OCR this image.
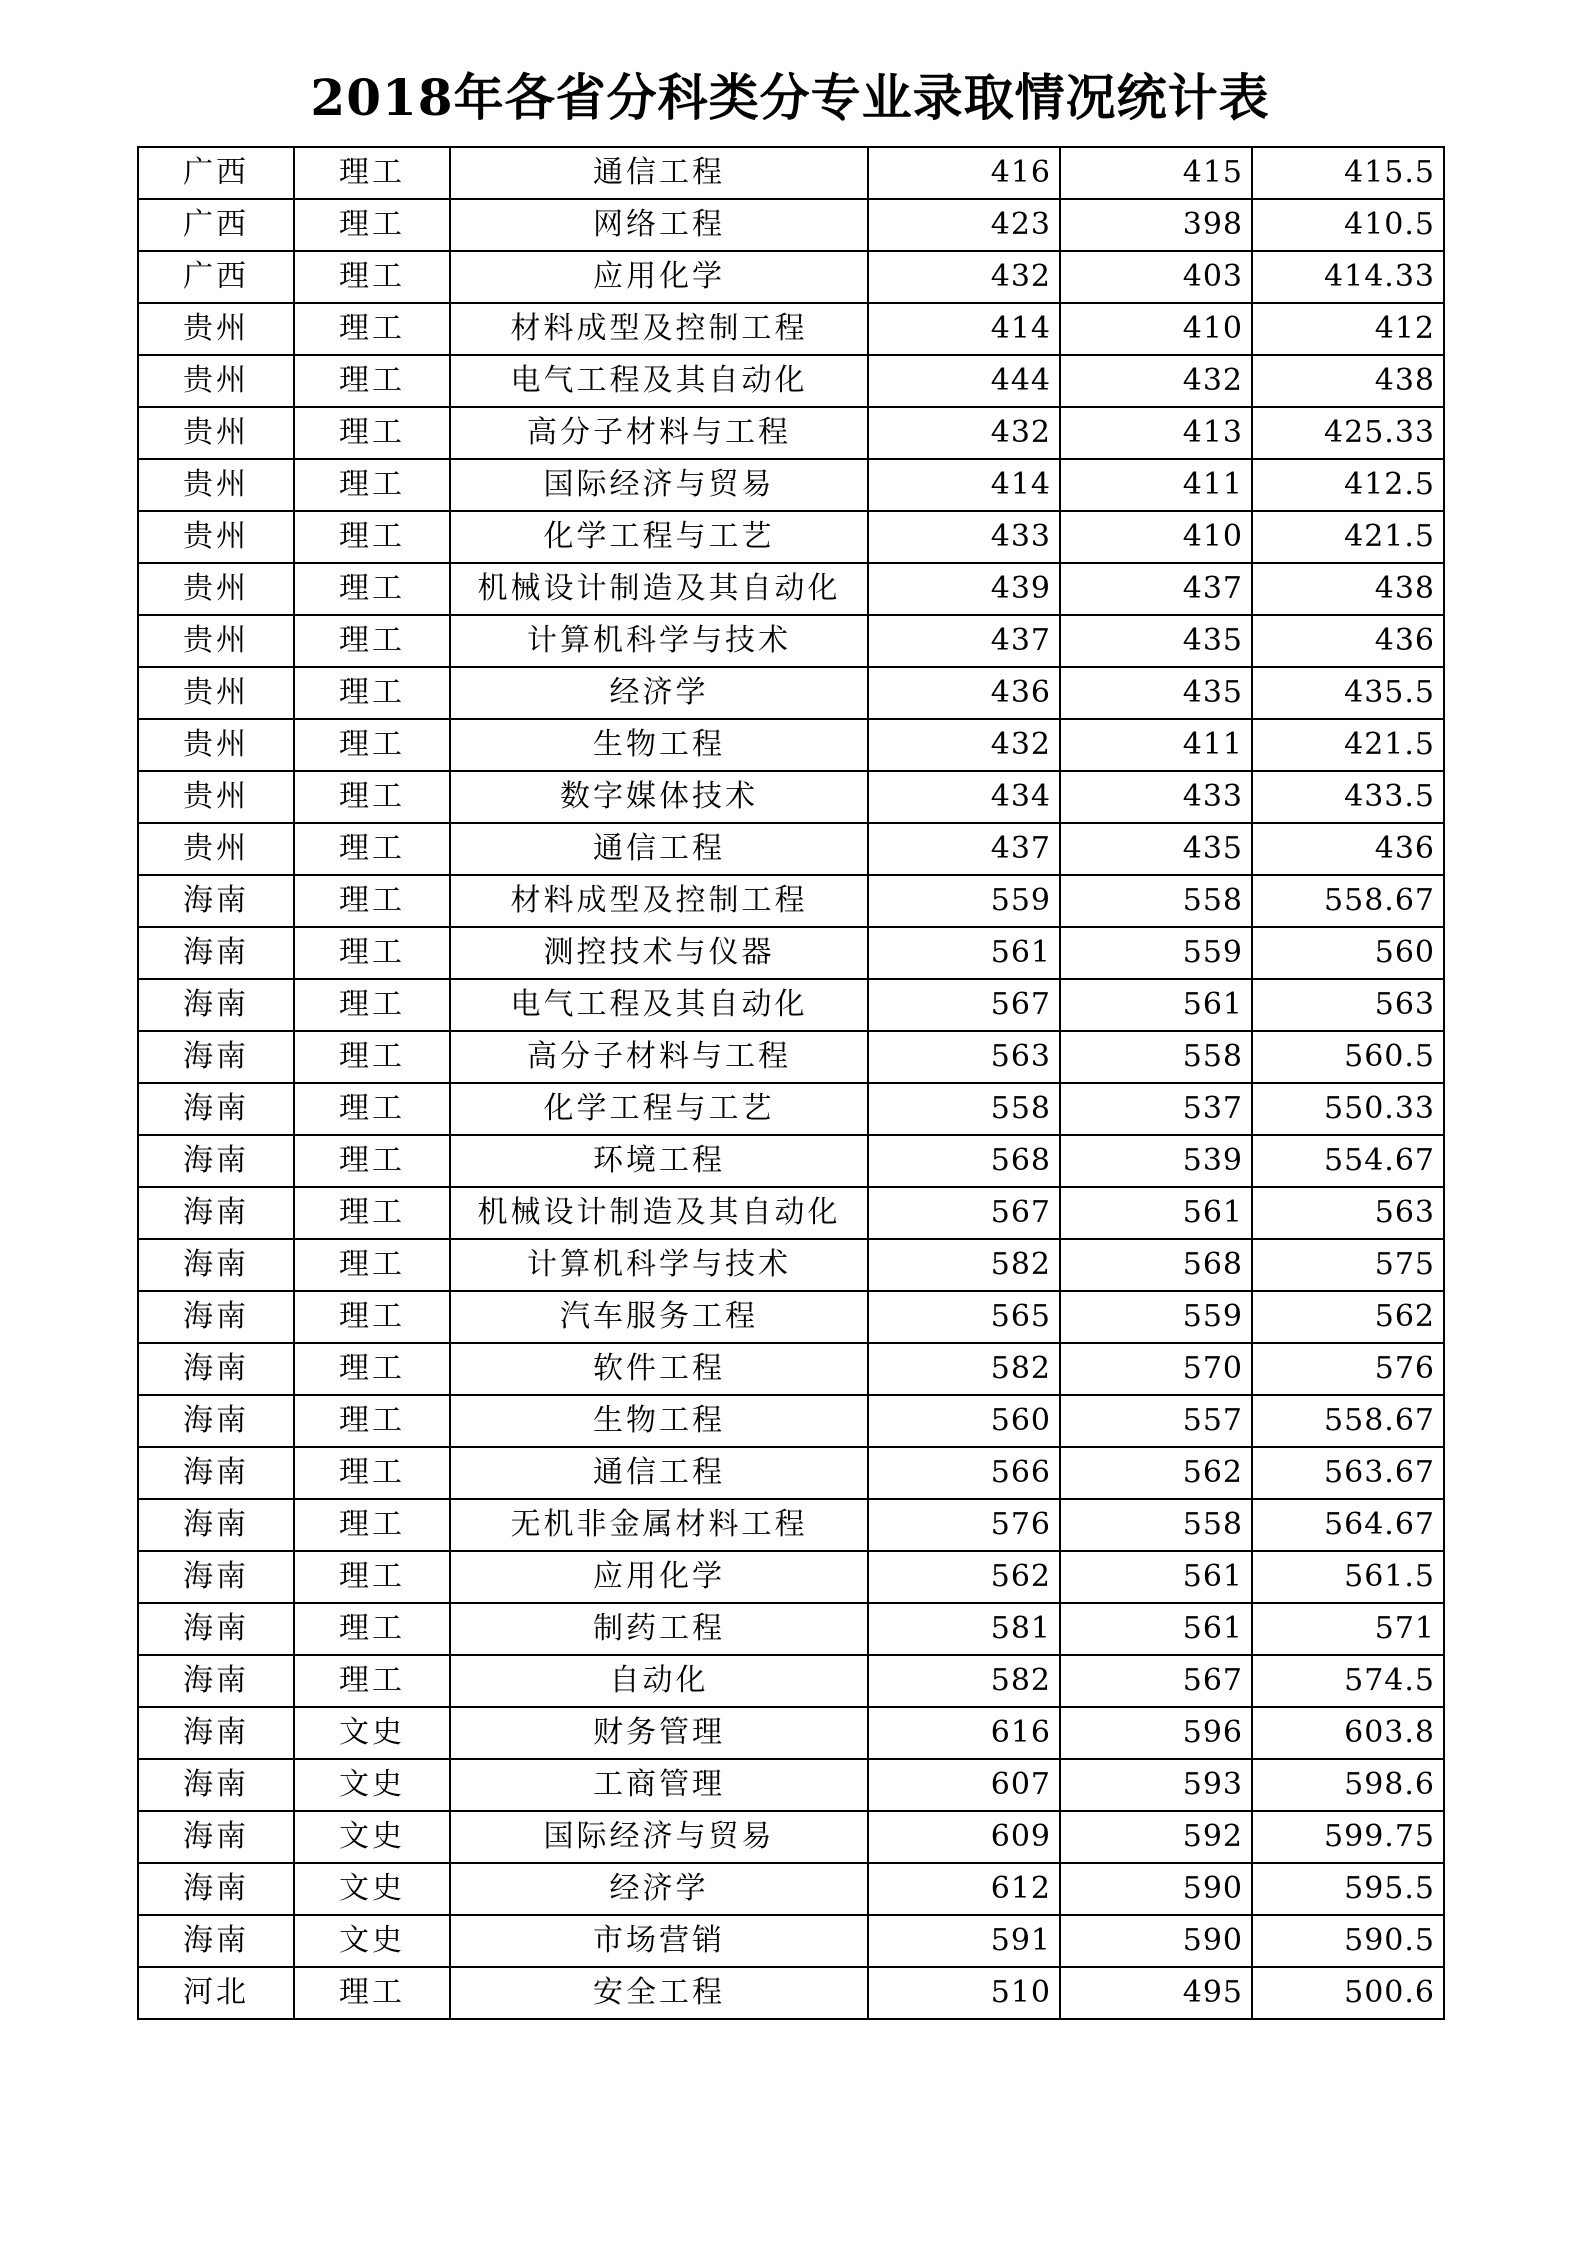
2018年各省分科类分专业录取情况统计表
广西	理工	通信工程	416	415	415.5
广西	理工	网络工程	423	398	410.5
广西	理工	应用化学	432	403	414.33
贵州	理工	材料成型及控制工程	414	410	412
贵州	理工	电气工程及其自动化	444	432	438
贵州	理工	高分子材料与工程	432	413	425.33
贵州	理工	国际经济与贸易	414	411	412.5
贵州	理工	化学工程与工艺	433	410	421.5
贵州	理工	机械设计制造及其自动化	439	437	438
贵州	理工	计算机科学与技术	437	435	436
贵州	理工	经济学	436	435	435.5
贵州	理工	生物工程	432	411	421.5
贵州	理工	数字媒体技术	434	433	433.5
贵州	理工	通信工程	437	435	436
海南	理工	材料成型及控制工程	559	558	558.67
海南	理工	测控技术与仪器	561	559	560
海南	理工	电气工程及其自动化	567	561	563
海南	理工	高分子材料与工程	563	558	560.5
海南	理工	化学工程与工艺	558	537	550.33
海南	理工	环境工程	568	539	554.67
海南	理工	机械设计制造及其自动化	567	561	563
海南	理工	计算机科学与技术	582	568	575
海南	理工	汽车服务工程	565	559	562
海南	理工	软件工程	582	570	576
海南	理工	生物工程	560	557	558.67
海南	理工	通信工程	566	562	563.67
海南	理工	无机非金属材料工程	576	558	564.67
海南	理工	应用化学	562	561	561.5
海南	理工	制药工程	581	561	571
海南	理工	自动化	582	567	574.5
海南	文史	财务管理	616	596	603.8
海南	文史	工商管理	607	593	598.6
海南	文史	国际经济与贸易	609	592	599.75
海南	文史	经济学	612	590	595.5
海南	文史	市场营销	591	590	590.5
河北	理工	安全工程	510	495	500.6
